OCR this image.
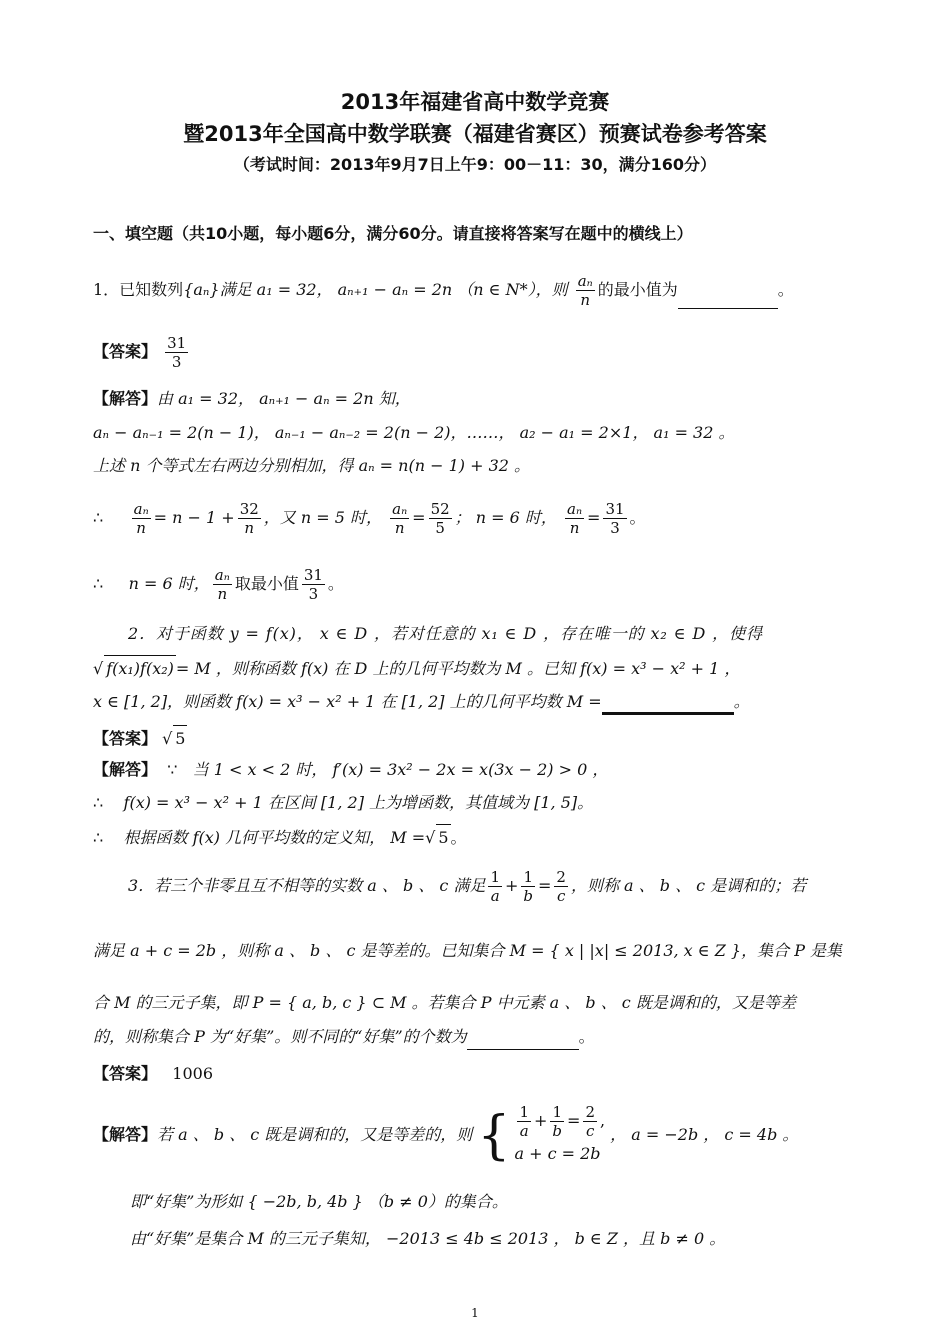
2013年福建省高中数学竞赛
暨2013年全国高中数学联赛（福建省赛区）预赛试卷参考答案
（考试时间：2013年9月7日上午9：00－11：30，满分160分）
一、填空题（共10小题，每小题6分，满分60分。请直接将答案写在题中的横线上）
1．已知数列{aₙ}满足 a₁ = 32， aₙ₊₁ − aₙ = 2n （n ∈ N*），则 $\frac{\text{aₙ}}{n}$ 的最小值为	。
【答案】 $\frac{31}{3}$
【解答】由 a₁ = 32， aₙ₊₁ − aₙ = 2n 知，
aₙ − aₙ₋₁ = 2(n − 1)， aₙ₋₁ − aₙ₋₂ = 2(n − 2)，……， a₂ − a₁ = 2×1， a₁ = 32 。
上述 n 个等式左右两边分别相加，得 aₙ = n(n − 1) + 32 。
∴ $\frac{\text{aₙ}}{n} = n - 1 + \frac{32}{n}$ ，又 n = 5 时， $\frac{\text{aₙ}}{n} = \frac{52}{5}$ ； n = 6 时， $\frac{\text{aₙ}}{n} = \frac{31}{3}$ 。
∴ n = 6 时， $\frac{\text{aₙ}}{n}$ 取最小值 $\frac{31}{3}$ 。
2．对于函数 y = f(x)， x ∈ D ，若对任意的 x₁ ∈ D ，存在唯一的 x₂ ∈ D ，使得
√ f(x₁)f(x₂) = M ，则称函数 f(x) 在 D 上的几何平均数为 M 。已知 f(x) = x³ − x² + 1 ，
x ∈ [1, 2]，则函数 f(x) = x³ − x² + 1 在 [1, 2] 上的几何平均数 M =	。
【答案】 √ 5
【解答】 ∵ 当 1 < x < 2 时， f′(x) = 3x² − 2x = x(3x − 2) > 0 ，
∴ f(x) = x³ − x² + 1 在区间 [1, 2] 上为增函数，其值域为 [1, 5]。
∴ 根据函数 f(x) 几何平均数的定义知， M =√ 5 。
3．若三个非零且互不相等的实数 a 、 b 、 c 满足 $\frac{1}{a} + \frac{1}{b} = \frac{2}{c}$ ，则称 a 、 b 、 c 是调和的；若
满足 a + c = 2b ，则称 a 、 b 、 c 是等差的。已知集合 M = { x | |x| ≤ 2013, x ∈ Z }，集合 P 是集
合 M 的三元子集，即 P = { a, b, c } ⊂ M 。若集合 P 中元素 a 、 b 、 c 既是调和的，又是等差
的，则称集合 P 为“好集”。则不同的“好集”的个数为	。
【答案】 1006
【解答】若 a 、 b 、 c 既是调和的，又是等差的，则 { $\frac{1}{a} + \frac{1}{b} = \frac{2}{c}$ ,
a + c = 2b
， a = −2b ， c = 4b 。
即“好集”为形如 { −2b, b, 4b } （b ≠ 0）的集合。
由“好集”是集合 M 的三元子集知， −2013 ≤ 4b ≤ 2013 ， b ∈ Z ，且 b ≠ 0 。
1
